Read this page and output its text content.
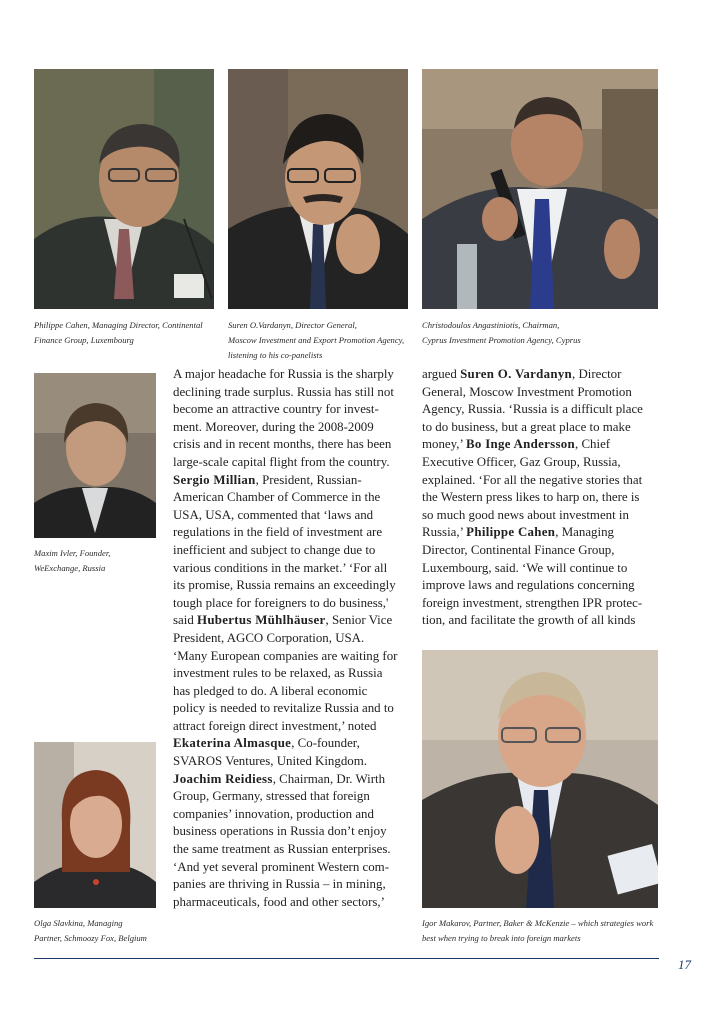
Philippe Cahen, Managing Director, Continental
Finance Group, Luxembourg
Suren O.Vardanyn, Director General,
Moscow Investment and Export Promotion Agency,
listening to his co-panelists
Christodoulos Angastiniotis, Chairman,
Cyprus Investment Promotion Agency, Cyprus
Maxim Ivler, Founder,
WeExchange, Russia
Olga Slavkina, Managing
Partner, Schmoozy Fox, Belgium
A major headache for Russia is the sharply
declining trade surplus. Russia has still not
become an attractive country for invest-
ment. Moreover, during the 2008-2009
crisis and in recent months, there has been
large-scale capital flight from the country.
Sergio Millian, President, Russian-
American Chamber of Commerce in the
USA, USA, commented that ‘laws and
regulations in the field of investment are
inefficient and subject to change due to
various conditions in the market.’ ‘For all
its promise, Russia remains an exceedingly
tough place for foreigners to do business,'
said Hubertus Mühlhäuser, Senior Vice
President, AGCO Corporation, USA.
‘Many European companies are waiting for
investment rules to be relaxed, as Russia
has pledged to do. A liberal economic
policy is needed to revitalize Russia and to
attract foreign direct investment,’ noted
Ekaterina Almasque, Co-founder,
SVAROS Ventures, United Kingdom.
Joachim Reidiess, Chairman, Dr. Wirth
Group, Germany, stressed that foreign
companies’ innovation, production and
business operations in Russia don’t enjoy
the same treatment as Russian enterprises.
‘And yet several prominent Western com-
panies are thriving in Russia – in mining,
pharmaceuticals, food and other sectors,’
argued Suren O. Vardanyn, Director
General, Moscow Investment Promotion
Agency, Russia. ‘Russia is a difficult place
to do business, but a great place to make
money,’ Bo Inge Andersson, Chief
Executive Officer, Gaz Group, Russia,
explained. ‘For all the negative stories that
the Western press likes to harp on, there is
so much good news about investment in
Russia,’ Philippe Cahen, Managing
Director, Continental Finance Group,
Luxembourg, said. ‘We will continue to
improve laws and regulations concerning
foreign investment, strengthen IPR protec-
tion, and facilitate the growth of all kinds
Igor Makarov, Partner, Baker & McKenzie – which strategies work
best when trying to break into foreign markets
17
